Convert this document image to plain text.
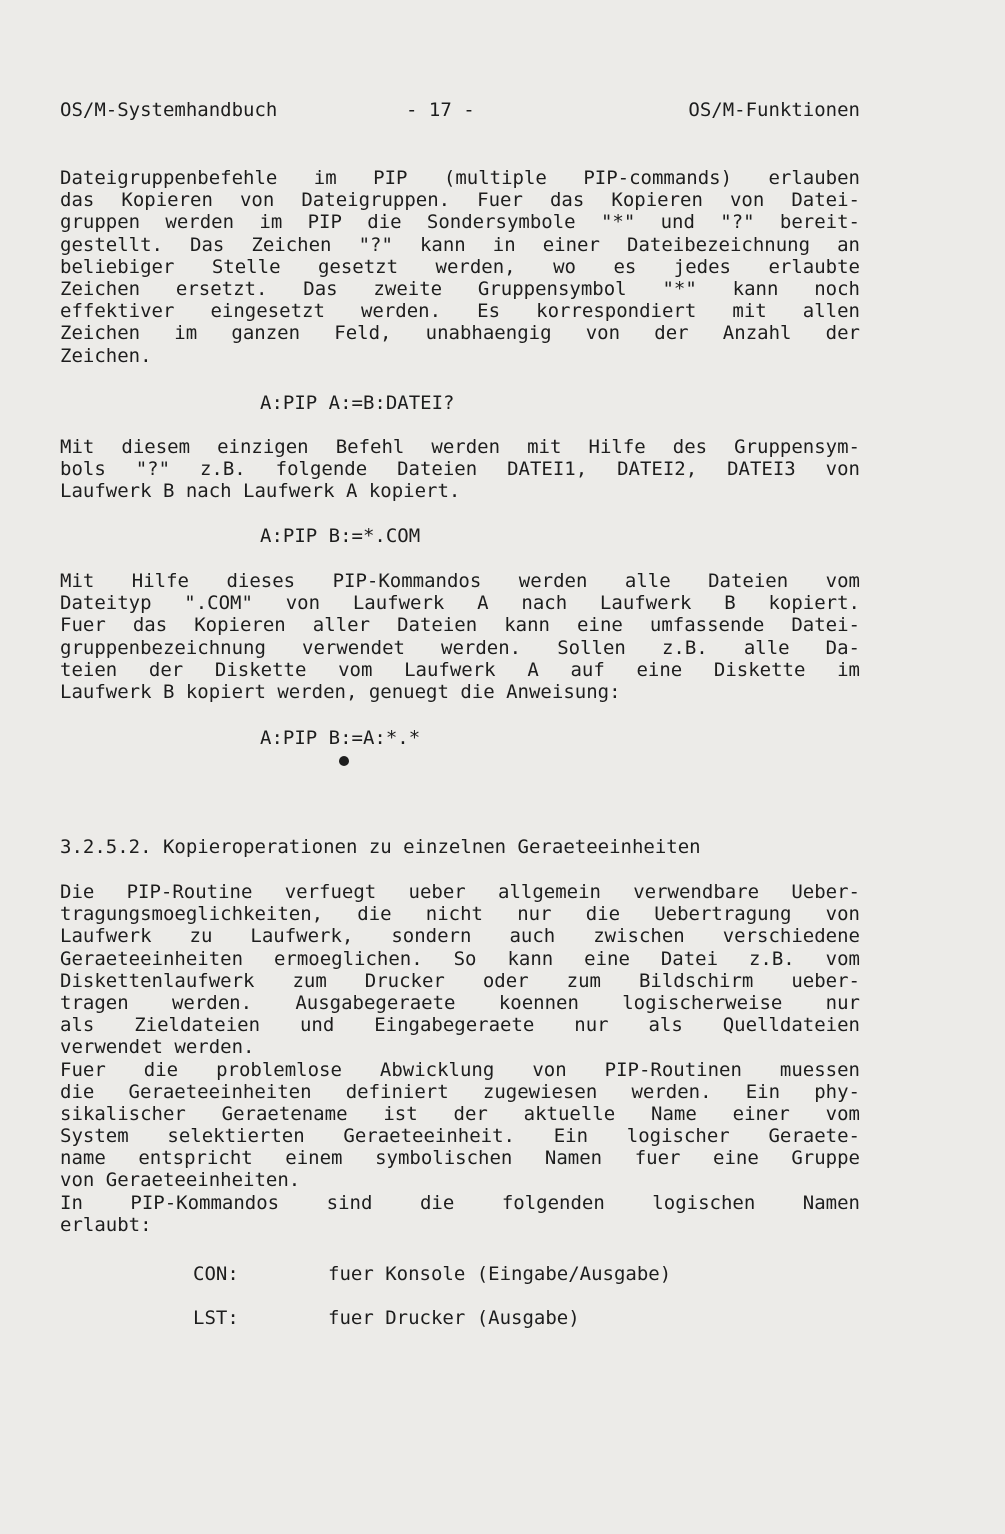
OS/M-Systemhandbuch	- 17 -	OS/M-Funktionen
Dateigruppenbefehle im PIP (multiple PIP-commands) erlauben
das Kopieren von Dateigruppen. Fuer das Kopieren von Datei-
gruppen werden im PIP die Sondersymbole "*" und "?" bereit-
gestellt. Das Zeichen "?" kann in einer Dateibezeichnung an
beliebiger Stelle gesetzt werden, wo es jedes erlaubte
Zeichen ersetzt. Das zweite Gruppensymbol "*" kann noch
effektiver eingesetzt werden. Es korrespondiert mit allen
Zeichen im ganzen Feld, unabhaengig von der Anzahl der
Zeichen.
A:PIP A:=B:DATEI?
Mit diesem einzigen Befehl werden mit Hilfe des Gruppensym-
bols "?" z.B. folgende Dateien DATEI1, DATEI2, DATEI3 von
Laufwerk B nach Laufwerk A kopiert.
A:PIP B:=*.COM
Mit Hilfe dieses PIP-Kommandos werden alle Dateien vom
Dateityp ".COM" von Laufwerk A nach Laufwerk B kopiert.
Fuer das Kopieren aller Dateien kann eine umfassende Datei-
gruppenbezeichnung verwendet werden. Sollen z.B. alle Da-
teien der Diskette vom Laufwerk A auf eine Diskette im
Laufwerk B kopiert werden, genuegt die Anweisung:
A:PIP B:=A:*.*
3.2.5.2. Kopieroperationen zu einzelnen Geraeteeinheiten
Die PIP-Routine verfuegt ueber allgemein verwendbare Ueber-
tragungsmoeglichkeiten, die nicht nur die Uebertragung von
Laufwerk zu Laufwerk, sondern auch zwischen verschiedene
Geraeteeinheiten ermoeglichen. So kann eine Datei z.B. vom
Diskettenlaufwerk zum Drucker oder zum Bildschirm ueber-
tragen werden. Ausgabegeraete koennen logischerweise nur
als Zieldateien und Eingabegeraete nur als Quelldateien
verwendet werden.
Fuer die problemlose Abwicklung von PIP-Routinen muessen
die Geraeteeinheiten definiert zugewiesen werden. Ein phy-
sikalischer Geraetename ist der aktuelle Name einer vom
System selektierten Geraeteeinheit. Ein logischer Geraete-
name entspricht einem symbolischen Namen fuer eine Gruppe
von Geraeteeinheiten.
In PIP-Kommandos sind die folgenden logischen Namen
erlaubt:
CON:	fuer Konsole (Eingabe/Ausgabe)
LST:	fuer Drucker (Ausgabe)
